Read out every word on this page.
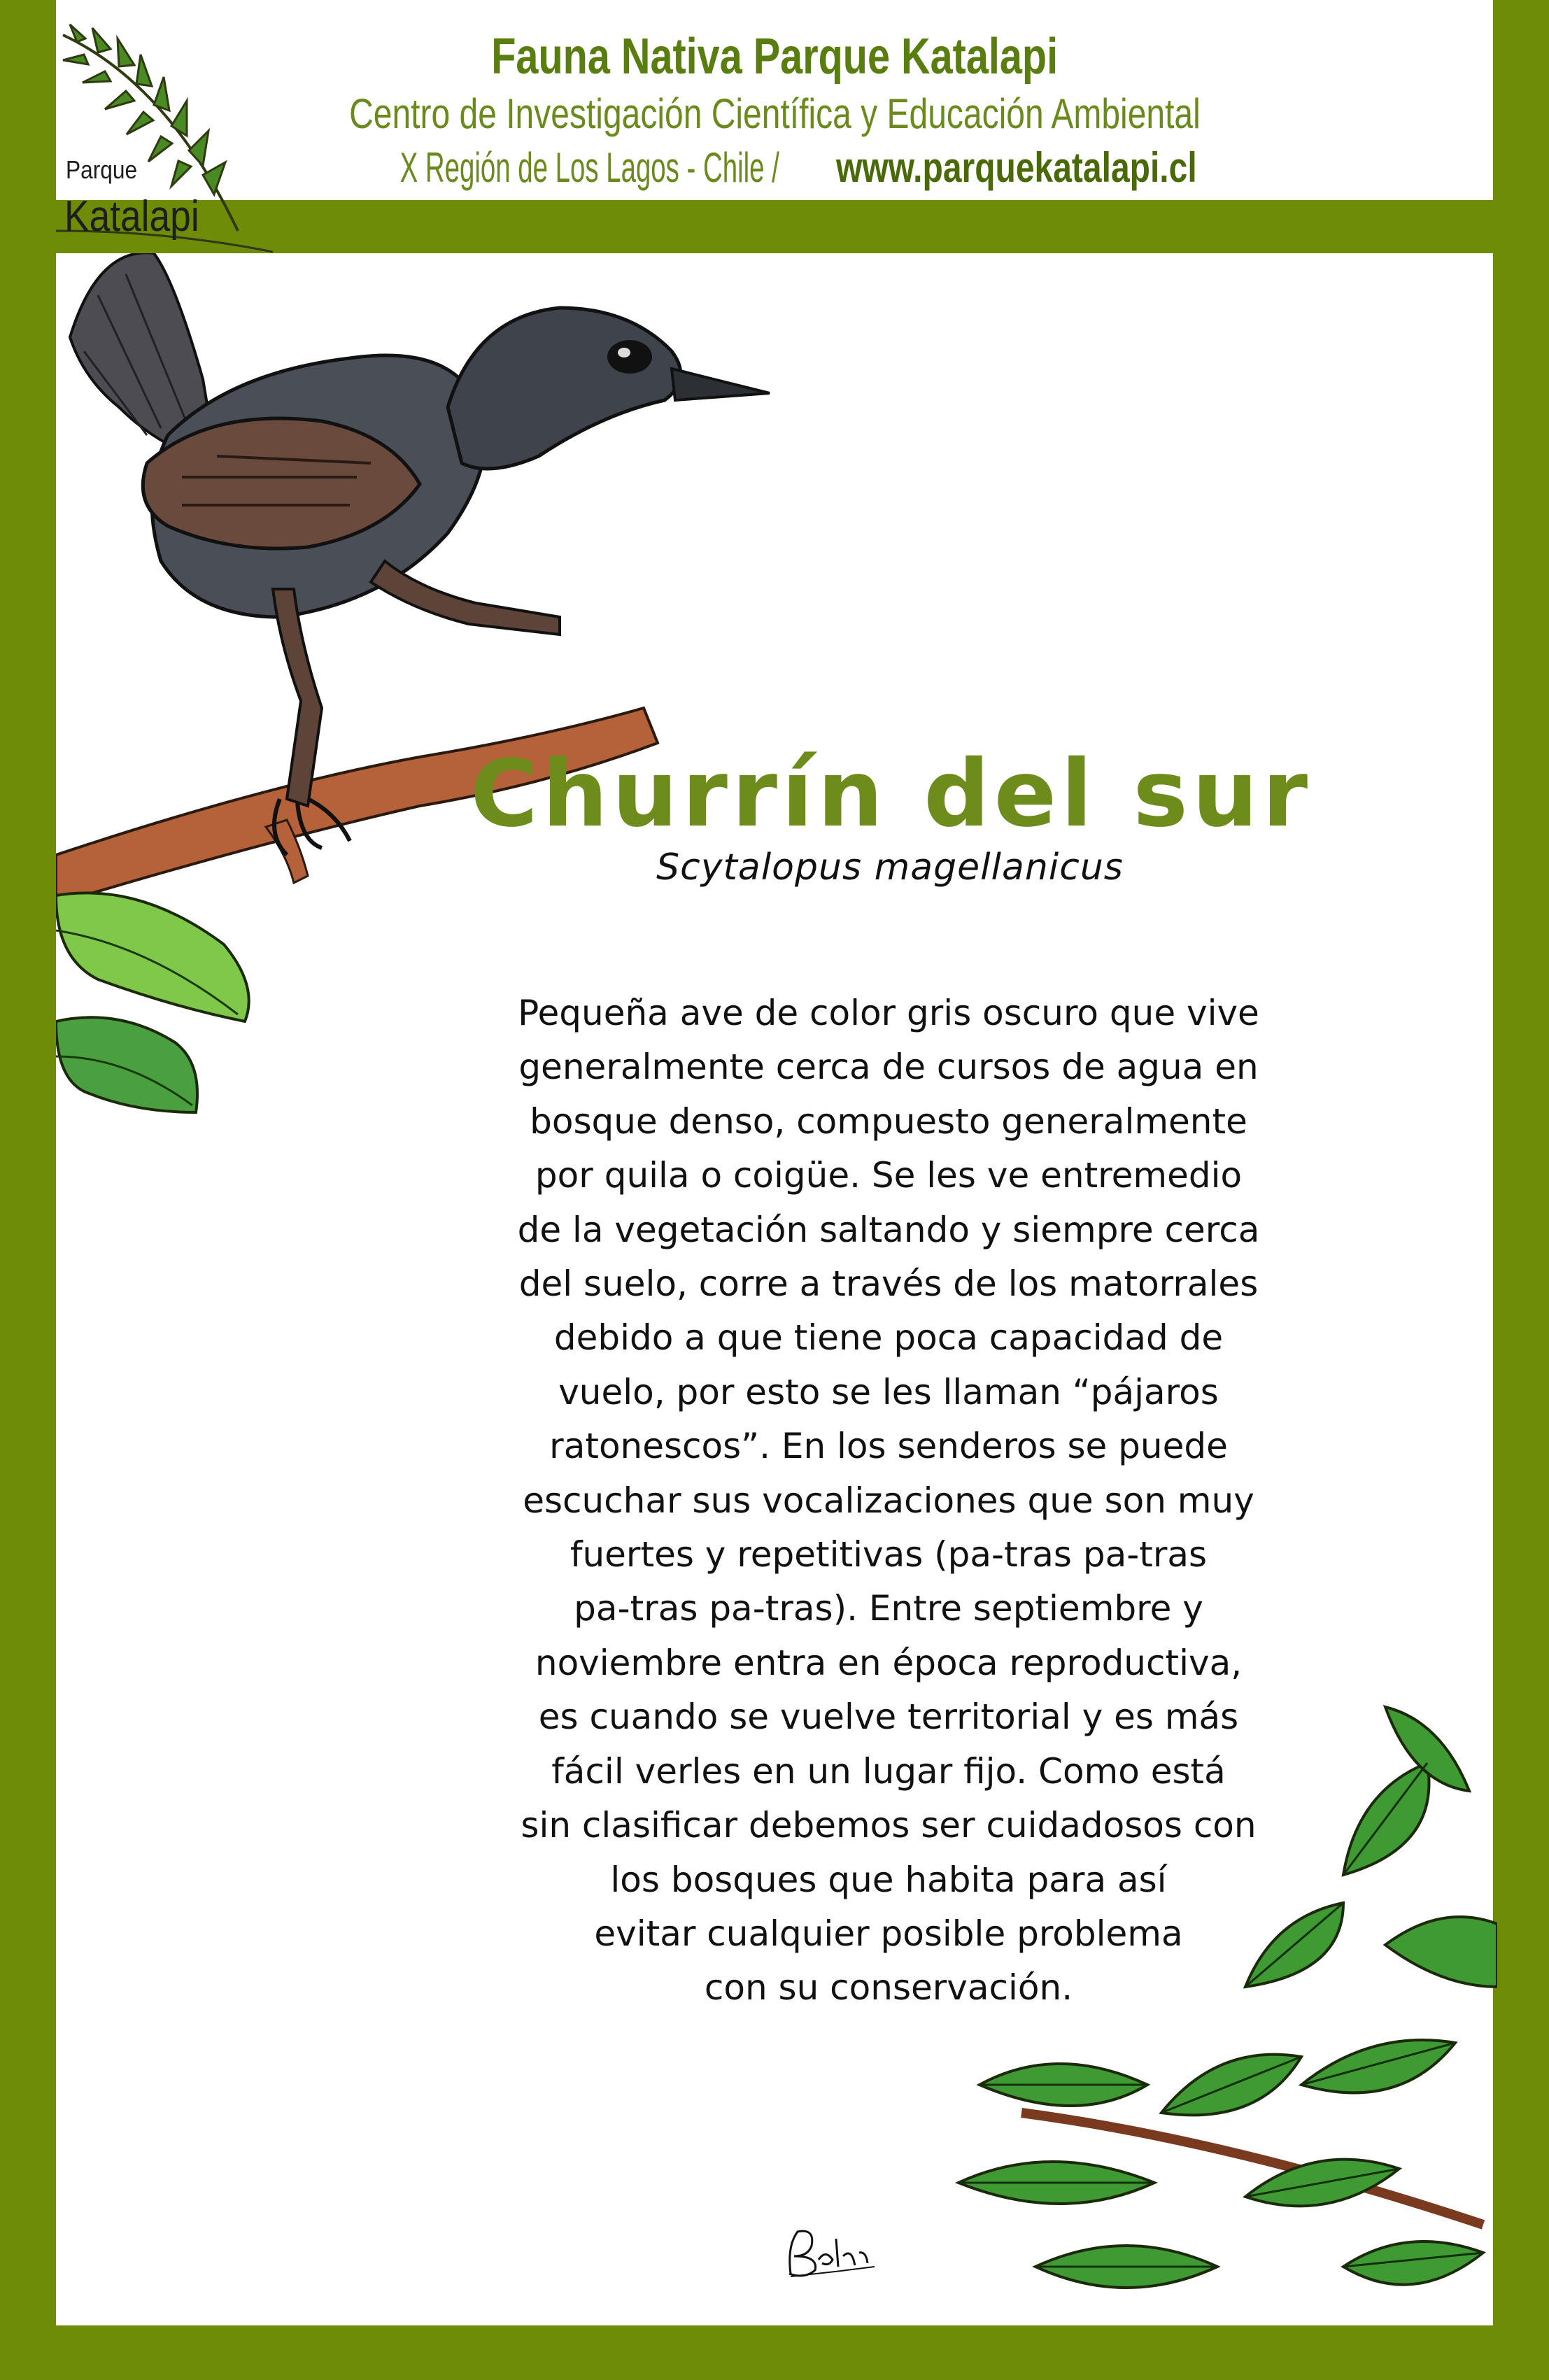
Parque
Katalapi
Fauna Nativa Parque Katalapi
Centro de Investigación Científica y Educación Ambiental
X Región de Los Lagos - Chile / www.parquekatalapi.cl
Churrín del sur
Scytalopus magellanicus
Pequeña ave de color gris oscuro que vive
generalmente cerca de cursos de agua en
bosque denso, compuesto generalmente
por quila o coigüe. Se les ve entremedio
de la vegetación saltando y siempre cerca
del suelo, corre a través de los matorrales
debido a que tiene poca capacidad de
vuelo, por esto se les llaman “pájaros
ratonescos”. En los senderos se puede
escuchar sus vocalizaciones que son muy
fuertes y repetitivas (pa-tras pa-tras
pa-tras pa-tras). Entre septiembre y
noviembre entra en época reproductiva,
es cuando se vuelve territorial y es más
fácil verles en un lugar fijo. Como está
sin clasificar debemos ser cuidadosos con
los bosques que habita para así
evitar cualquier posible problema
con su conservación.
